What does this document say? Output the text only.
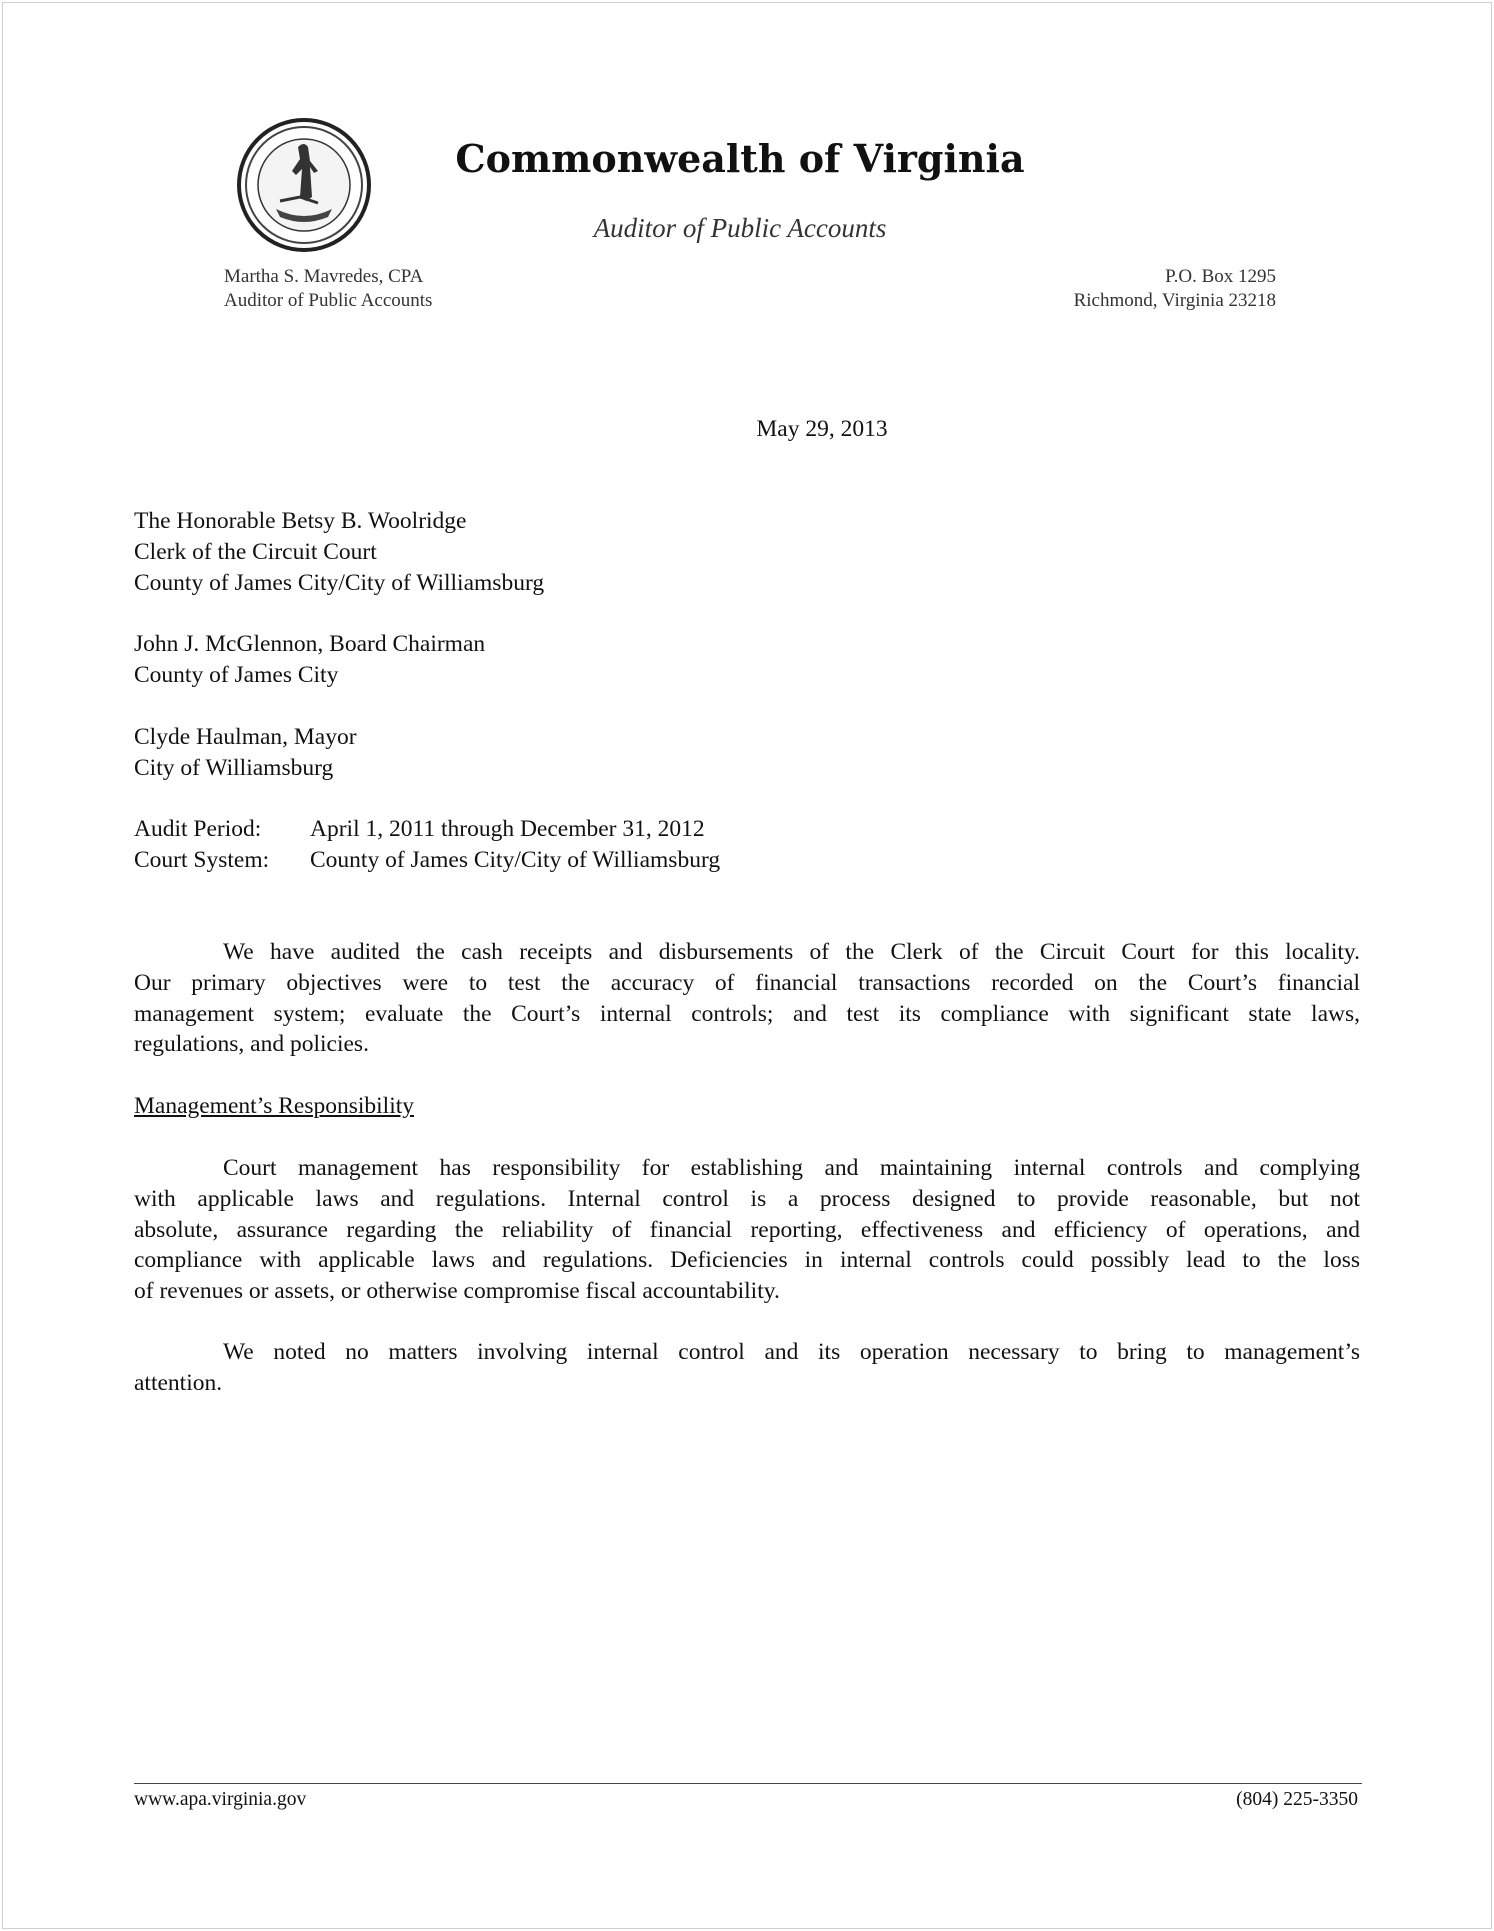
Commonwealth of Virginia
Auditor of Public Accounts
Martha S. Mavredes, CPA
Auditor of Public Accounts
P.O. Box 1295
Richmond, Virginia 23218
May 29, 2013
The Honorable Betsy B. Woolridge
Clerk of the Circuit Court
County of James City/City of Williamsburg
John J. McGlennon, Board Chairman
County of James City
Clyde Haulman, Mayor
City of Williamsburg
Audit Period: April 1, 2011 through December 31, 2012
Court System: County of James City/City of Williamsburg
We have audited the cash receipts and disbursements of the Clerk of the Circuit Court for this locality.
Our primary objectives were to test the accuracy of financial transactions recorded on the Court’s financial
management system; evaluate the Court’s internal controls; and test its compliance with significant state laws,
regulations, and policies.
Management’s Responsibility
Court management has responsibility for establishing and maintaining internal controls and complying
with applicable laws and regulations. Internal control is a process designed to provide reasonable, but not
absolute, assurance regarding the reliability of financial reporting, effectiveness and efficiency of operations, and
compliance with applicable laws and regulations. Deficiencies in internal controls could possibly lead to the loss
of revenues or assets, or otherwise compromise fiscal accountability.
We noted no matters involving internal control and its operation necessary to bring to management’s
attention.
www.apa.virginia.gov	(804) 225-3350
